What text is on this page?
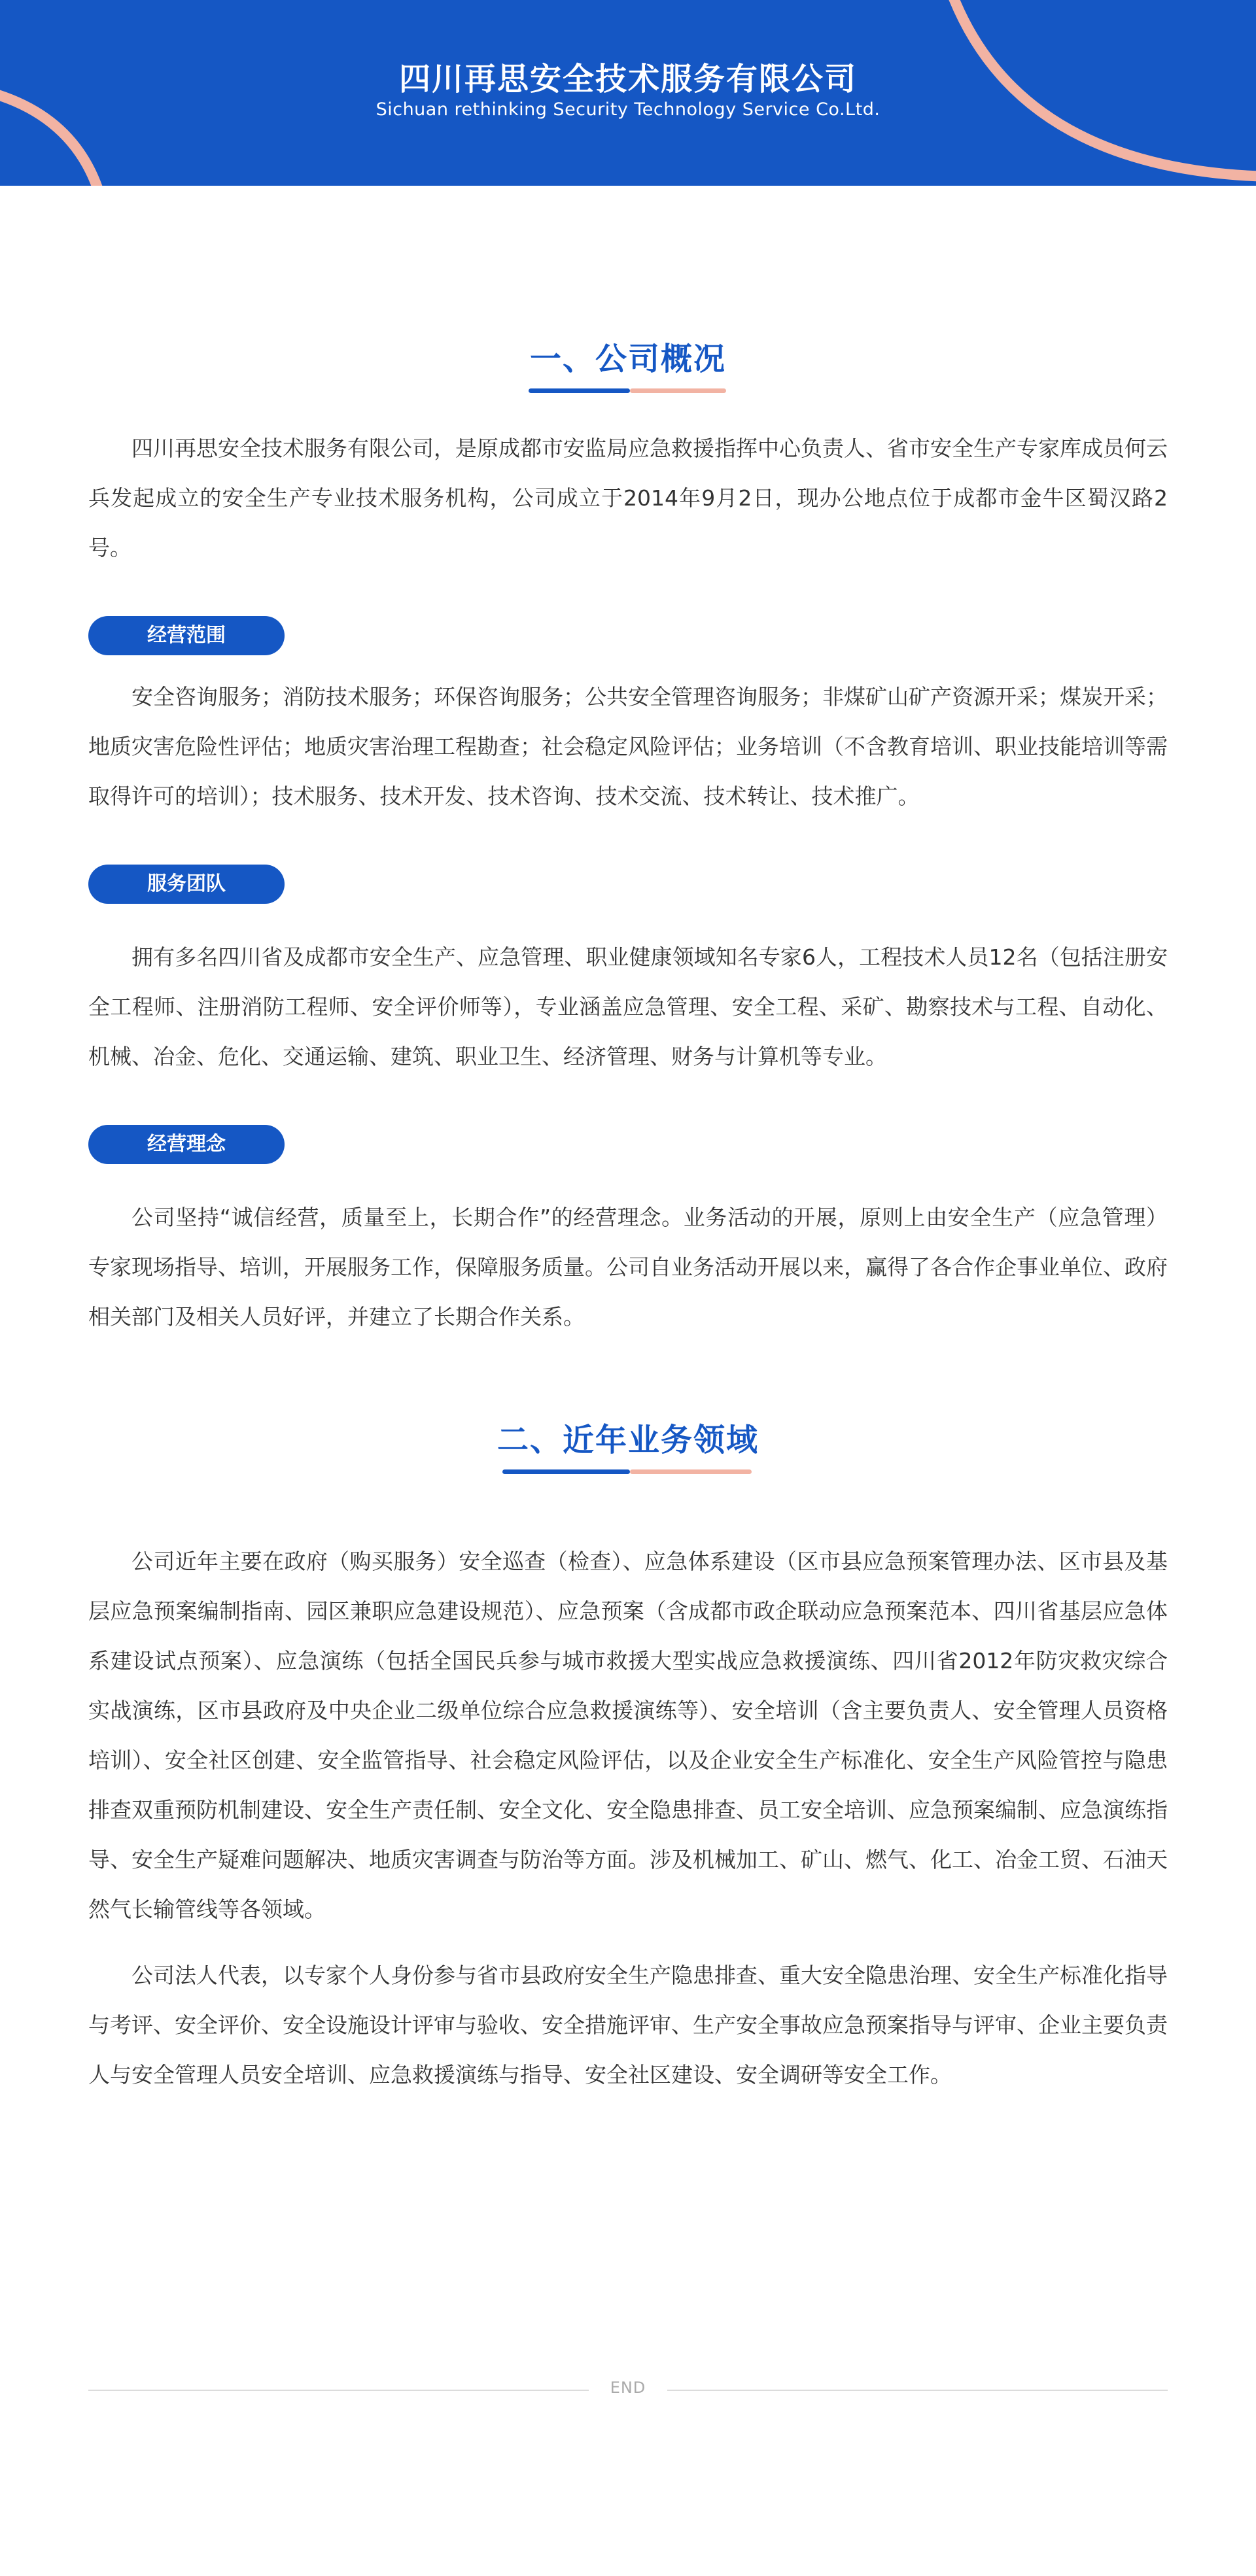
四川再思安全技术服务有限公司
Sichuan rethinking Security Technology Service Co.Ltd.
一、公司概况

四川再思安全技术服务有限公司，是原成都市安监局应急救援指挥中心负责人、省市安全生产专家库成员何云兵发起成立的安全生产专业技术服务机构，公司成立于2014年9月2日，现办公地点位于成都市金牛区蜀汉路2号。

经营范围

安全咨询服务；消防技术服务；环保咨询服务；公共安全管理咨询服务；非煤矿山矿产资源开采；煤炭开采；地质灾害危险性评估；地质灾害治理工程勘查；社会稳定风险评估；业务培训（不含教育培训、职业技能培训等需取得许可的培训）；技术服务、技术开发、技术咨询、技术交流、技术转让、技术推广。

服务团队

拥有多名四川省及成都市安全生产、应急管理、职业健康领域知名专家6人，工程技术人员12名（包括注册安全工程师、注册消防工程师、安全评价师等），专业涵盖应急管理、安全工程、采矿、勘察技术与工程、自动化、机械、冶金、危化、交通运输、建筑、职业卫生、经济管理、财务与计算机等专业。

经营理念

公司坚持“诚信经营，质量至上，长期合作”的经营理念。业务活动的开展，原则上由安全生产（应急管理）专家现场指导、培训，开展服务工作，保障服务质量。公司自业务活动开展以来，赢得了各合作企事业单位、政府相关部门及相关人员好评，并建立了长期合作关系。

二、近年业务领域

公司近年主要在政府（购买服务）安全巡查（检查）、应急体系建设（区市县应急预案管理办法、区市县及基层应急预案编制指南、园区兼职应急建设规范）、应急预案（含成都市政企联动应急预案范本、四川省基层应急体系建设试点预案）、应急演练（包括全国民兵参与城市救援大型实战应急救援演练、四川省2012年防灾救灾综合实战演练，区市县政府及中央企业二级单位综合应急救援演练等）、安全培训（含主要负责人、安全管理人员资格培训）、安全社区创建、安全监管指导、社会稳定风险评估，以及企业安全生产标准化、安全生产风险管控与隐患排查双重预防机制建设、安全生产责任制、安全文化、安全隐患排查、员工安全培训、应急预案编制、应急演练指导、安全生产疑难问题解决、地质灾害调查与防治等方面。涉及机械加工、矿山、燃气、化工、冶金工贸、石油天然气长输管线等各领域。

公司法人代表，以专家个人身份参与省市县政府安全生产隐患排查、重大安全隐患治理、安全生产标准化指导与考评、安全评价、安全设施设计评审与验收、安全措施评审、生产安全事故应急预案指导与评审、企业主要负责人与安全管理人员安全培训、应急救援演练与指导、安全社区建设、安全调研等安全工作。

END
